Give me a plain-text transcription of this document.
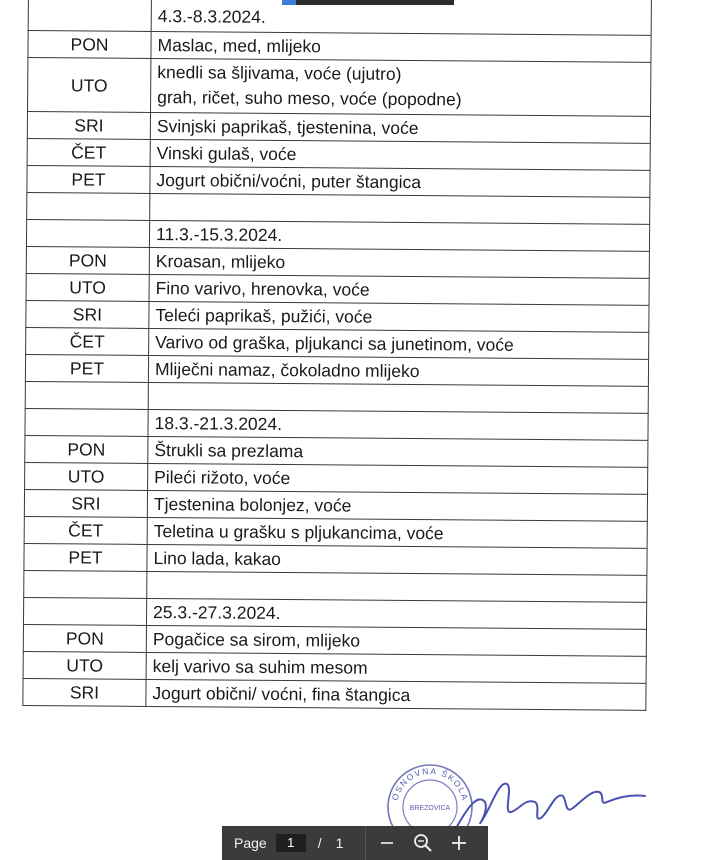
	4.3.-8.3.2024.
PON	Maslac, med, mlijeko

UTO	knedli sa šljivama, voće (ujutro)
grah, ričet, suho meso, voće (popodne)

SRI	Svinjski paprikaš, tjestenina, voće

ČET	Vinski gulaš, voće

PET	Jogurt obični/voćni, puter štangica

	11.3.-15.3.2024.
PON	Kroasan, mlijeko

UTO	Fino varivo, hrenovka, voće

SRI	Teleći paprikaš, pužići, voće

ČET	Varivo od graška, pljukanci sa junetinom, voće

PET	Mliječni namaz, čokoladno mlijeko

	18.3.-21.3.2024.
PON	Štrukli sa prezlama

UTO	Pileći rižoto, voće

SRI	Tjestenina bolonjez, voće

ČET	Teletina u grašku s pljukancima, voće

PET	Lino lada, kakao

	25.3.-27.3.2024.
PON	Pogačice sa sirom, mlijeko

UTO	kelj varivo sa suhim mesom

SRI	Jogurt obični/ voćni, fina štangica
OSNOVNA ŠKOLA
BREZOVICA
Page	1	/ 1
